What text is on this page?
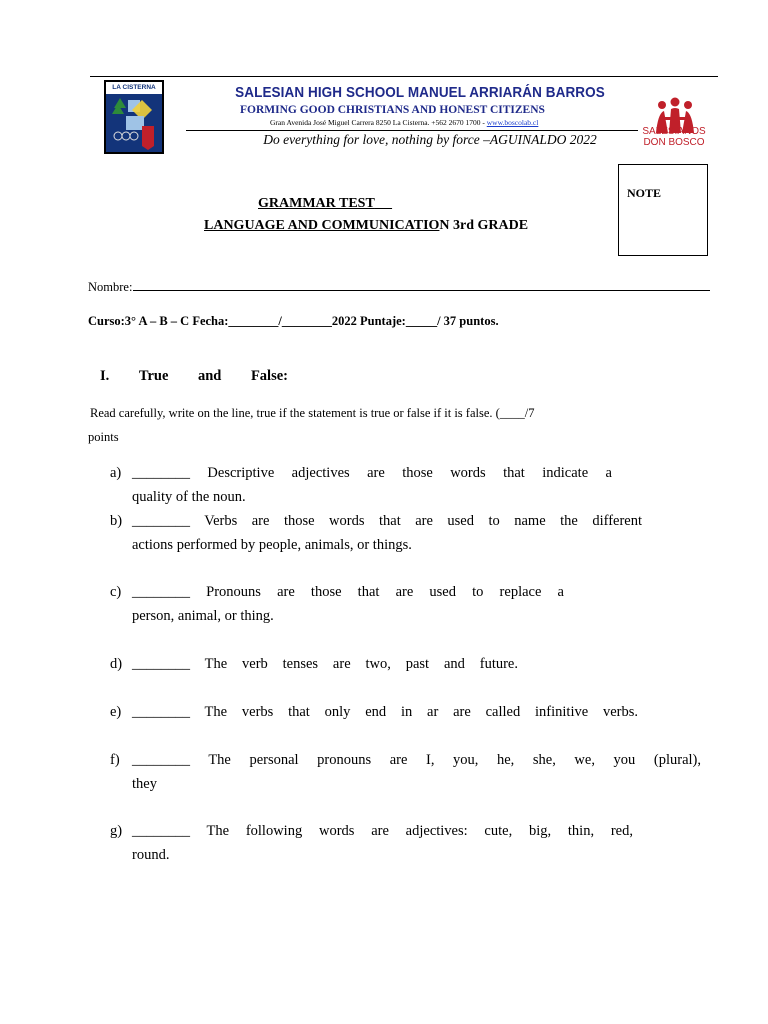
LA CISTERNA	SALESIAN HIGH SCHOOL MANUEL ARRIARÁN BARROS
FORMING GOOD CHRISTIANS AND HONEST CITIZENS
Gran Avenida José Miguel Carrera 8250 La Cisterna. +562 2670 1700 - www.boscolab.cl
Do everything for love, nothing by force –AGUINALDO 2022
SALESIANOS
DON BOSCO
NOTE
GRAMMAR TEST
LANGUAGE AND COMMUNICATION 3rd GRADE
Nombre:
Curso:3° A – B – C Fecha:________/________2022 Puntaje:_____/ 37 puntos.
I. True and False:
Read carefully, write on the line, true if the statement is true or false if it is false. (____/7
points
a) ________ Descriptive adjectives are those words that indicate a
quality of the noun.
b) ________ Verbs are those words that are used to name the different
actions performed by people, animals, or things.
c) ________ Pronouns are those that are used to replace a
person, animal, or thing.
d) ________ The verb tenses are two, past and future.
e) ________ The verbs that only end in ar are called infinitive verbs.
f) ________ The personal pronouns are I, you, he, she, we, you (plural),
they
g) ________ The following words are adjectives: cute, big, thin, red,
round.
